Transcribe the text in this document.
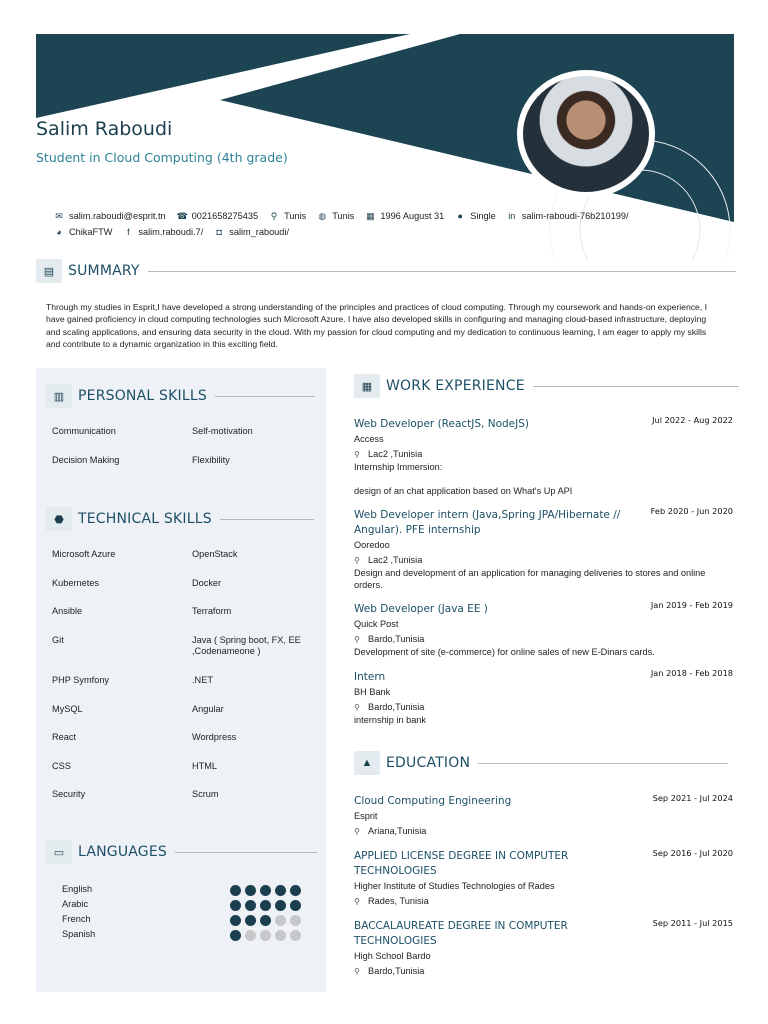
Salim Raboudi
Student in Cloud Computing (4th grade)
✉ salim.raboudi@esprit.tn ☎ 0021658275435 ⚲ Tunis ◍ Tunis ▦ 1996 August 31 ● Single in salim-raboudi-76b210199/
◕ ChikaFTW f salim.raboudi.7/ ◘ salim_raboudi/
▤ SUMMARY
Through my studies in Esprit,I have developed a strong understanding of the principles and practices of cloud computing. Through my coursework and hands-on experience, I have gained proficiency in cloud computing technologies such Microsoft Azure. I have also developed skills in configuring and managing cloud-based infrastructure, deploying and scaling applications, and ensuring data security in the cloud. With my passion for cloud computing and my dedication to continuous learning, I am eager to apply my skills and contribute to a dynamic organization in this exciting field.
▥ PERSONAL SKILLS
Communication	Self-motivation
Decision Making	Flexibility
⬣	TECHNICAL SKILLS
Microsoft Azure	OpenStack
Kubernetes	Docker
Ansible	Terraform
Git	Java ( Spring boot, FX, EE ,Codenameone )
PHP Symfony	.NET
MySQL	Angular
React	Wordpress
CSS	HTML
Security	Scrum
▭ LANGUAGES
English
Arabic
French
Spanish
▦ WORK EXPERIENCE
Web Developer (ReactJS, NodeJS)	Jul 2022 - Aug 2022
Access
⚲ Lac2 ,Tunisia
Internship Immersion:
design of an chat application based on What's Up API
Web Developer intern (Java,Spring JPA/Hibernate // Angular). PFE internship
Feb 2020 - Jun 2020
Ooredoo
⚲ Lac2 ,Tunisia
Design and development of an application for managing deliveries to stores and online orders.
Web Developer (Java EE )	Jan 2019 - Feb 2019
Quick Post
⚲ Bardo,Tunisia
Development of site (e-commerce) for online sales of new E-Dinars cards.
Intern	Jan 2018 - Feb 2018
BH Bank
⚲ Bardo,Tunisia
internship in bank
▲ EDUCATION
Cloud Computing Engineering	Sep 2021 - Jul 2024
Esprit
⚲ Ariana,Tunisia
APPLIED LICENSE DEGREE IN COMPUTER TECHNOLOGIES
Sep 2016 - Jul 2020
Higher Institute of Studies Technologies of Rades
⚲ Rades, Tunisia
BACCALAUREATE DEGREE IN COMPUTER TECHNOLOGIES
Sep 2011 - Jul 2015
High School Bardo
⚲ Bardo,Tunisia
